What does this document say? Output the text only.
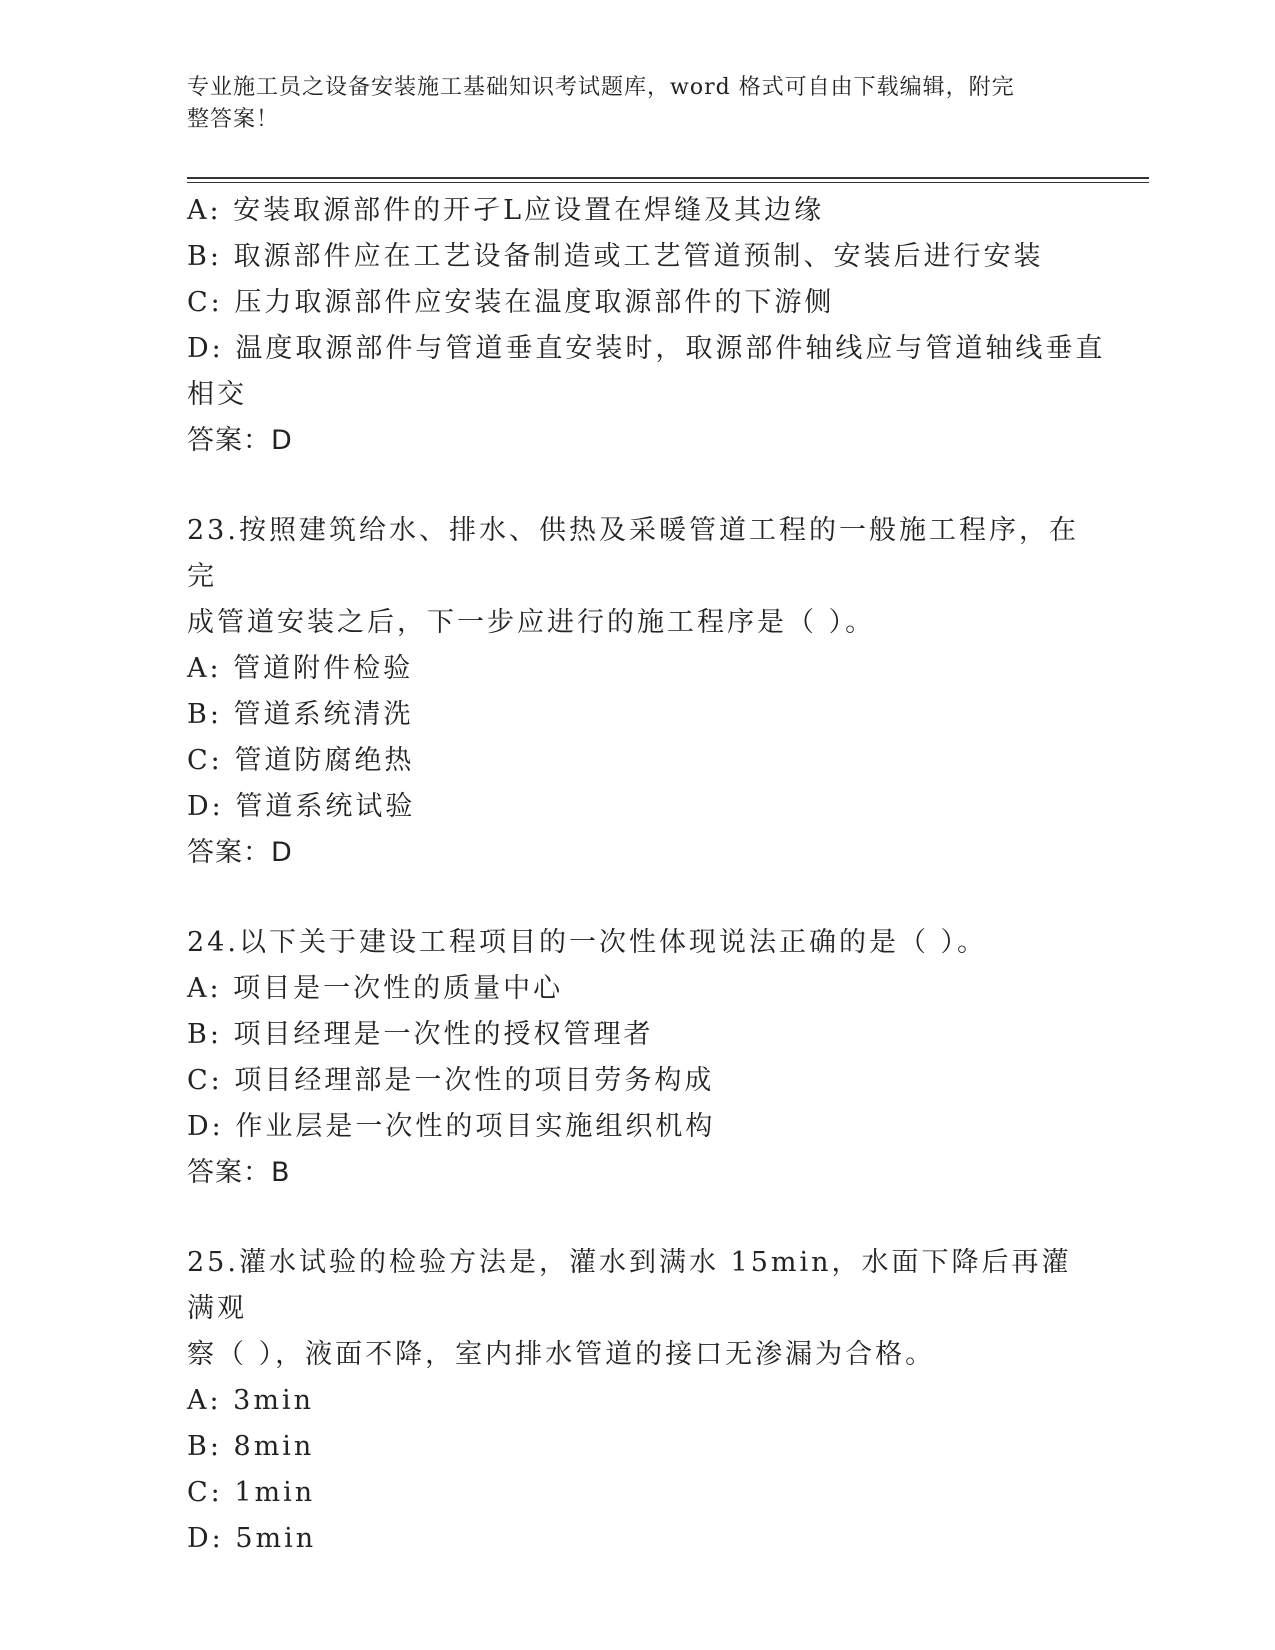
专业施工员之设备安装施工基础知识考试题库，word 格式可自由下载编辑，附完
整答案！
A: 安装取源部件的开孑L应设置在焊缝及其边缘
B: 取源部件应在工艺设备制造或工艺管道预制、安装后进行安装
C: 压力取源部件应安装在温度取源部件的下游侧
D: 温度取源部件与管道垂直安装时，取源部件轴线应与管道轴线垂直
相交
答案：D
23.按照建筑给水、排水、供热及采暖管道工程的一般施工程序，在完
成管道安装之后，下一步应进行的施工程序是（ ）。
A: 管道附件检验
B: 管道系统清洗
C: 管道防腐绝热
D: 管道系统试验
答案：D
24.以下关于建设工程项目的一次性体现说法正确的是（ ）。
A: 项目是一次性的质量中心
B: 项目经理是一次性的授权管理者
C: 项目经理部是一次性的项目劳务构成
D: 作业层是一次性的项目实施组织机构
答案：B
25.灌水试验的检验方法是，灌水到满水 15min，水面下降后再灌满观
察（ ），液面不降，室内排水管道的接口无渗漏为合格。
A: 3min
B: 8min
C: 1min
D: 5min
